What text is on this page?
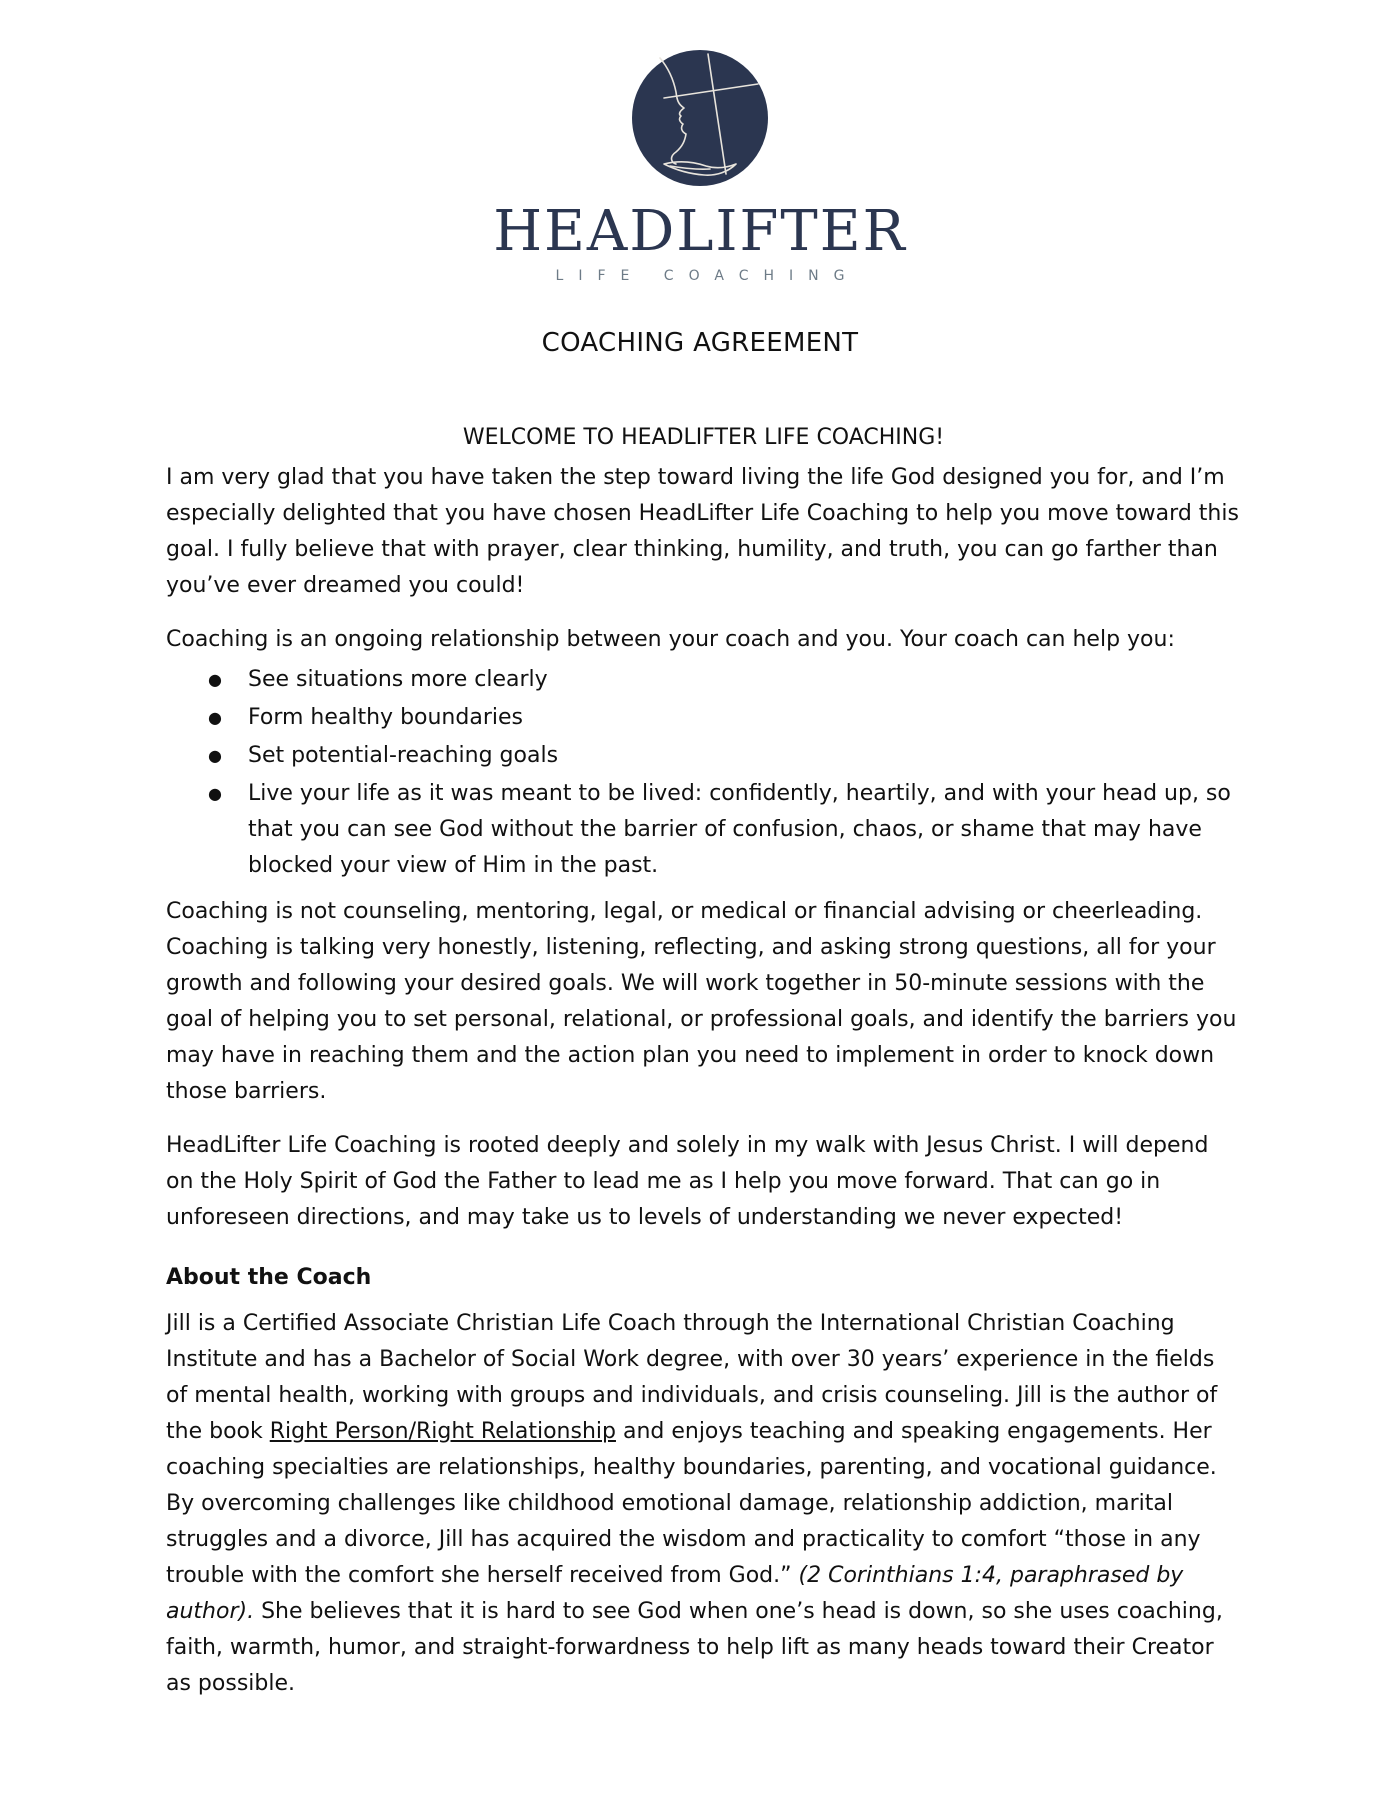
HEADLIFTER
LIFE COACHING
COACHING AGREEMENT

WELCOME TO HEADLIFTER LIFE COACHING!

I am very glad that you have taken the step toward living the life God designed you for, and I’m especially delighted that you have chosen HeadLifter Life Coaching to help you move toward this goal. I fully believe that with prayer, clear thinking, humility, and truth, you can go farther than you’ve ever dreamed you could!

Coaching is an ongoing relationship between your coach and you. Your coach can help you:

● See situations more clearly
● Form healthy boundaries
● Set potential-reaching goals
● Live your life as it was meant to be lived: confidently, heartily, and with your head up, so that you can see God without the barrier of confusion, chaos, or shame that may have blocked your view of Him in the past.

Coaching is not counseling, mentoring, legal, or medical or financial advising or cheerleading. Coaching is talking very honestly, listening, reflecting, and asking strong questions, all for your growth and following your desired goals. We will work together in 50-minute sessions with the goal of helping you to set personal, relational, or professional goals, and identify the barriers you may have in reaching them and the action plan you need to implement in order to knock down those barriers.

HeadLifter Life Coaching is rooted deeply and solely in my walk with Jesus Christ. I will depend on the Holy Spirit of God the Father to lead me as I help you move forward. That can go in unforeseen directions, and may take us to levels of understanding we never expected!

About the Coach

Jill is a Certified Associate Christian Life Coach through the International Christian Coaching Institute and has a Bachelor of Social Work degree, with over 30 years’ experience in the fields of mental health, working with groups and individuals, and crisis counseling. Jill is the author of the book Right Person/Right Relationship and enjoys teaching and speaking engagements. Her coaching specialties are relationships, healthy boundaries, parenting, and vocational guidance. By overcoming challenges like childhood emotional damage, relationship addiction, marital struggles and a divorce, Jill has acquired the wisdom and practicality to comfort “those in any trouble with the comfort she herself received from God.” (2 Corinthians 1:4, paraphrased by author). She believes that it is hard to see God when one’s head is down, so she uses coaching, faith, warmth, humor, and straight-forwardness to help lift as many heads toward their Creator as possible.
